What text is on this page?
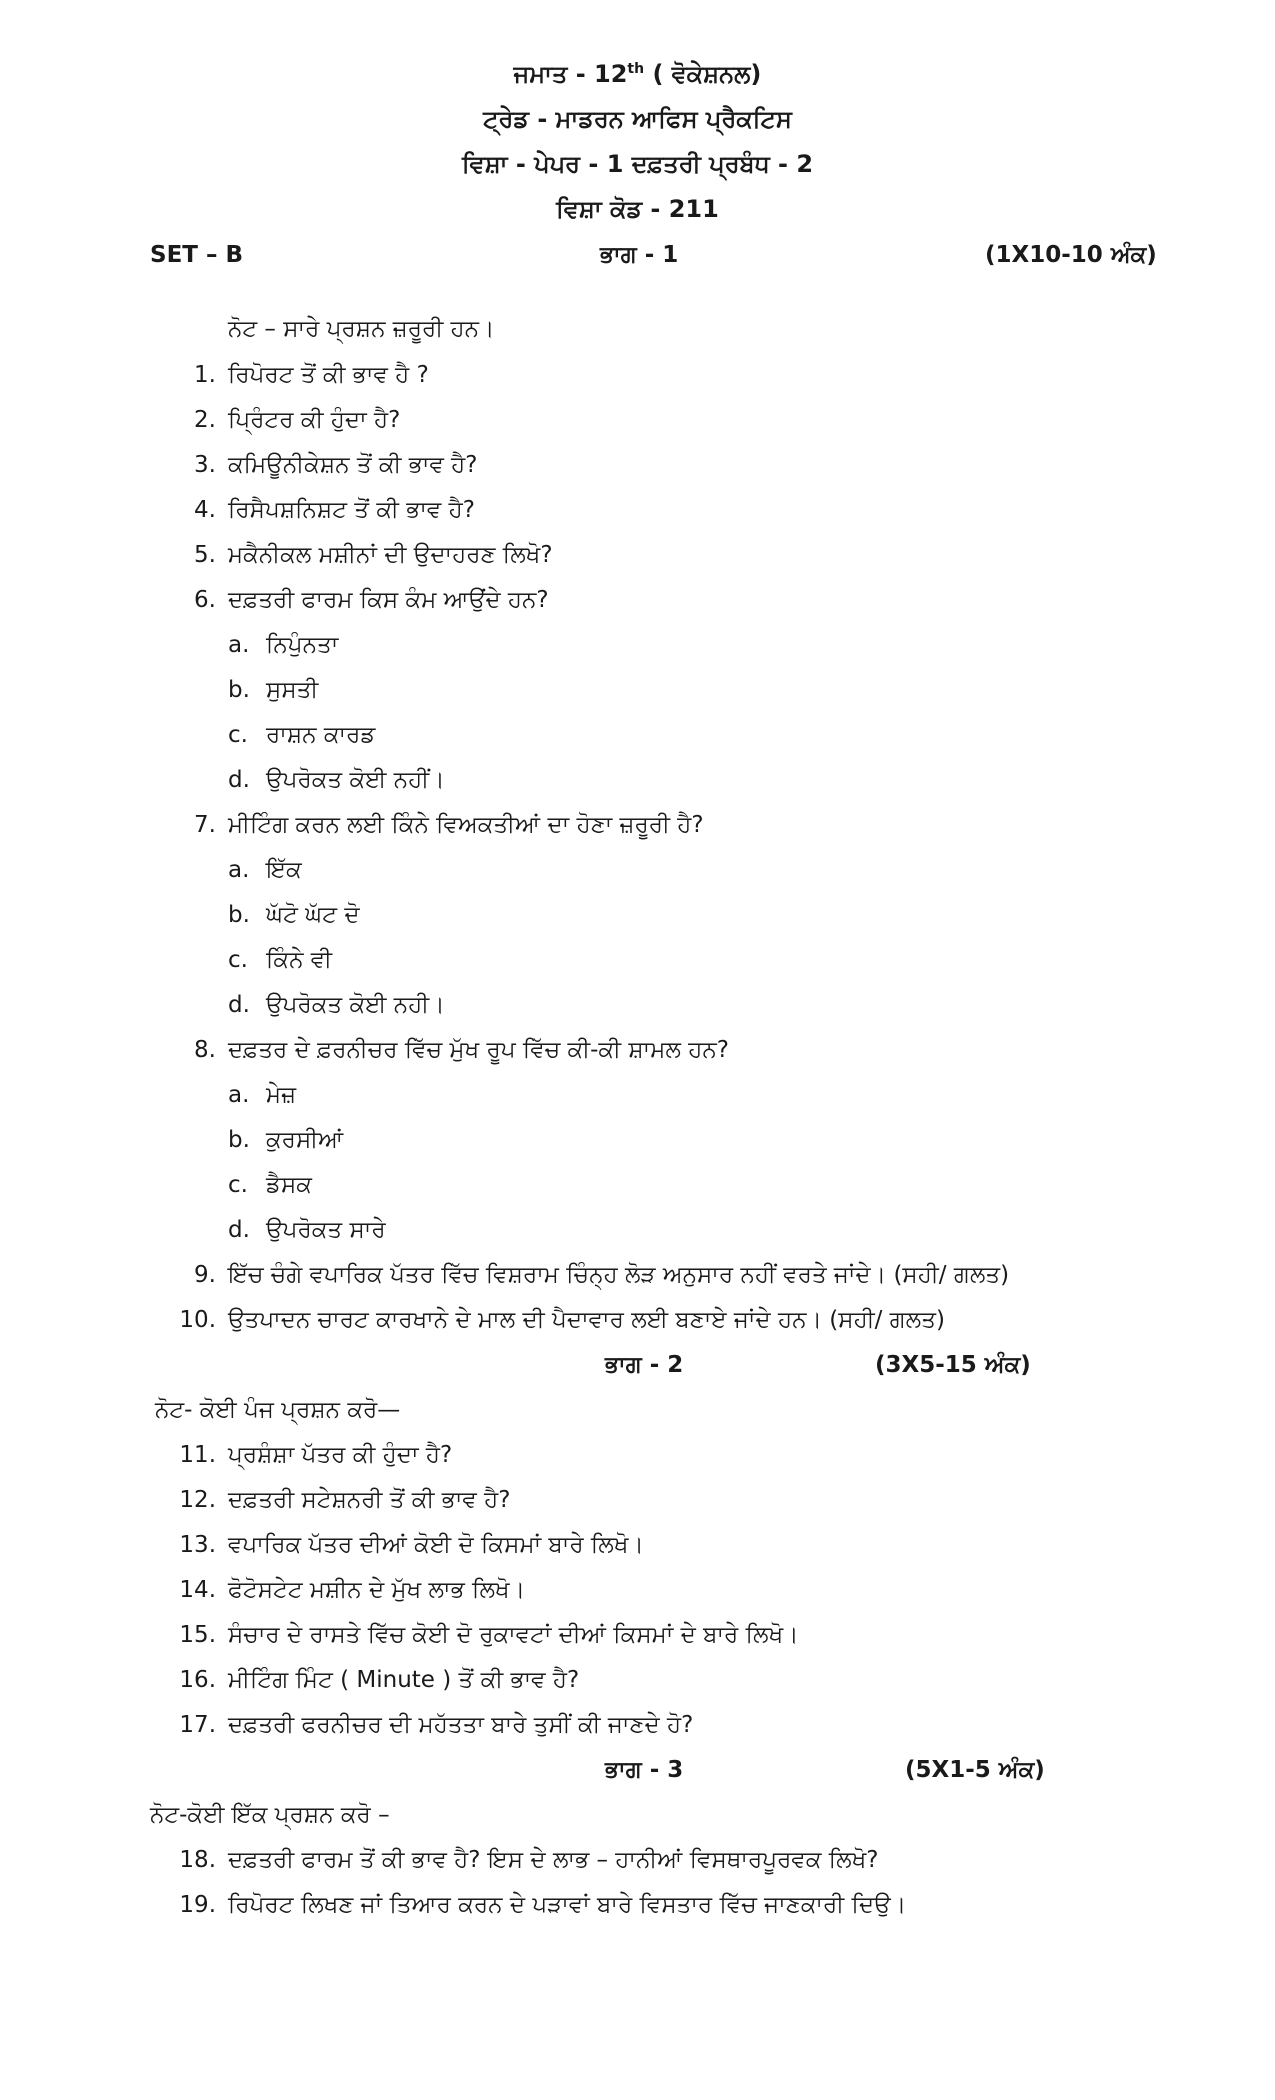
ਜਮਾਤ - 12th ( ਵੋਕੇਸ਼ਨਲ)
ਟ੍ਰੇਡ - ਮਾਡਰਨ ਆਫਿਸ ਪ੍ਰੈਕਟਿਸ
ਵਿਸ਼ਾ - ਪੇਪਰ - 1 ਦਫ਼ਤਰੀ ਪ੍ਰਬੰਧ - 2
ਵਿਸ਼ਾ ਕੋਡ - 211
SET – B	ਭਾਗ - 1	(1X10-10 ਅੰਕ)
ਨੋਟ – ਸਾਰੇ ਪ੍ਰਸ਼ਨ ਜ਼ਰੂਰੀ ਹਨ।
1. ਰਿਪੋਰਟ ਤੋਂ ਕੀ ਭਾਵ ਹੈ ?
2. ਪ੍ਰਿੰਟਰ ਕੀ ਹੁੰਦਾ ਹੈ?
3. ਕਮਿਊਨੀਕੇਸ਼ਨ ਤੋਂ ਕੀ ਭਾਵ ਹੈ?
4. ਰਿਸੈਪਸ਼ਨਿਸ਼ਟ ਤੋਂ ਕੀ ਭਾਵ ਹੈ?
5. ਮਕੈਨੀਕਲ ਮਸ਼ੀਨਾਂ ਦੀ ਉਦਾਹਰਣ ਲਿਖੋ?
6. ਦਫ਼ਤਰੀ ਫਾਰਮ ਕਿਸ ਕੰਮ ਆਉਂਦੇ ਹਨ?
a. ਨਿਪੁੰਨਤਾ
b. ਸੁਸਤੀ
c. ਰਾਸ਼ਨ ਕਾਰਡ
d. ਉਪਰੋਕਤ ਕੋਈ ਨਹੀਂ।
7. ਮੀਟਿੰਗ ਕਰਨ ਲਈ ਕਿੰਨੇ ਵਿਅਕਤੀਆਂ ਦਾ ਹੋਣਾ ਜ਼ਰੂਰੀ ਹੈ?
a. ਇੱਕ
b. ਘੱਟੋ ਘੱਟ ਦੋ
c. ਕਿੰਨੇ ਵੀ
d. ਉਪਰੋਕਤ ਕੋਈ ਨਹੀ।
8. ਦਫ਼ਤਰ ਦੇ ਫ਼ਰਨੀਚਰ ਵਿੱਚ ਮੁੱਖ ਰੂਪ ਵਿੱਚ ਕੀ-ਕੀ ਸ਼ਾਮਲ ਹਨ?
a. ਮੇਜ਼
b. ਕੁਰਸੀਆਂ
c. ਡੈਸਕ
d. ਉਪਰੋਕਤ ਸਾਰੇ
9. ਇੱਚ ਚੰਗੇ ਵਪਾਰਿਕ ਪੱਤਰ ਵਿੱਚ ਵਿਸ਼ਰਾਮ ਚਿੰਨ੍ਹ ਲੋੜ ਅਨੁਸਾਰ ਨਹੀਂ ਵਰਤੇ ਜਾਂਦੇ। (ਸਹੀ/ ਗਲਤ)
10. ਉਤਪਾਦਨ ਚਾਰਟ ਕਾਰਖਾਨੇ ਦੇ ਮਾਲ ਦੀ ਪੈਦਾਵਾਰ ਲਈ ਬਣਾਏ ਜਾਂਦੇ ਹਨ। (ਸਹੀ/ ਗਲਤ)
ਭਾਗ - 2	(3X5-15 ਅੰਕ)
ਨੋਟ- ਕੋਈ ਪੰਜ ਪ੍ਰਸ਼ਨ ਕਰੋ—
11. ਪ੍ਰਸ਼ੰਸ਼ਾ ਪੱਤਰ ਕੀ ਹੁੰਦਾ ਹੈ?
12. ਦਫ਼ਤਰੀ ਸਟੇਸ਼ਨਰੀ ਤੋਂ ਕੀ ਭਾਵ ਹੈ?
13. ਵਪਾਰਿਕ ਪੱਤਰ ਦੀਆਂ ਕੋਈ ਦੋ ਕਿਸਮਾਂ ਬਾਰੇ ਲਿਖੋ।
14. ਫੋਟੋਸਟੇਟ ਮਸ਼ੀਨ ਦੇ ਮੁੱਖ ਲਾਭ ਲਿਖੋ।
15. ਸੰਚਾਰ ਦੇ ਰਾਸਤੇ ਵਿੱਚ ਕੋਈ ਦੋ ਰੁਕਾਵਟਾਂ ਦੀਆਂ ਕਿਸਮਾਂ ਦੇ ਬਾਰੇ ਲਿਖੋ।
16. ਮੀਟਿੰਗ ਮਿੰਟ ( Minute ) ਤੋਂ ਕੀ ਭਾਵ ਹੈ?
17. ਦਫ਼ਤਰੀ ਫਰਨੀਚਰ ਦੀ ਮਹੱਤਤਾ ਬਾਰੇ ਤੁਸੀਂ ਕੀ ਜਾਣਦੇ ਹੋ?
ਭਾਗ - 3	(5X1-5 ਅੰਕ)
ਨੋਟ-ਕੋਈ ਇੱਕ ਪ੍ਰਸ਼ਨ ਕਰੋ –
18. ਦਫ਼ਤਰੀ ਫਾਰਮ ਤੋਂ ਕੀ ਭਾਵ ਹੈ? ਇਸ ਦੇ ਲਾਭ – ਹਾਨੀਆਂ ਵਿਸਥਾਰਪੂਰਵਕ ਲਿਖੋ?
19. ਰਿਪੋਰਟ ਲਿਖਣ ਜਾਂ ਤਿਆਰ ਕਰਨ ਦੇ ਪੜਾਵਾਂ ਬਾਰੇ ਵਿਸਤਾਰ ਵਿੱਚ ਜਾਣਕਾਰੀ ਦਿਉ।
